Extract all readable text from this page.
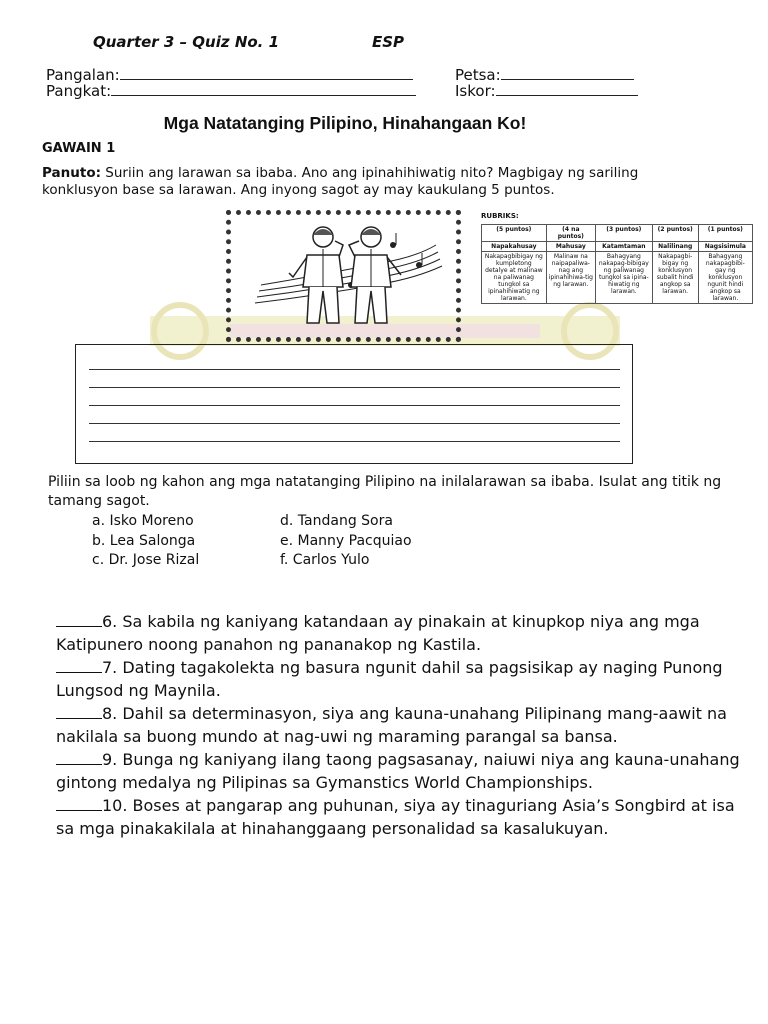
Quarter 3 – Quiz No. 1	ESP
Pangalan:
Pangkat:
Petsa:
Iskor:
Mga Natatanging Pilipino, Hinahangaan Ko!
GAWAIN 1
Panuto: Suriin ang larawan sa ibaba. Ano ang ipinahihiwatig nito? Magbigay ng sariling konklusyon base sa larawan. Ang inyong sagot ay may kaukulang 5 puntos.
RUBRIKS:
(5 puntos)	(4 na puntos)	(3 puntos)	(2 puntos)	(1 puntos)
Napakahusay	Mahusay	Katamtaman	Nalilinang	Nagsisimula
Nakapagbibigay ng kumpletong detalye at malinaw na paliwanag tungkol sa ipinahihiwatig ng larawan.	Malinaw na naipapaliwa-nag ang ipinahihiwa-tig ng larawan.	Bahagyang nakapag-bibigay ng paliwanag tungkol sa ipina-hiwatig ng larawan.	Nakapagbi-bigay ng konklusyon subalit hindi angkop sa larawan.	Bahagyang nakapagbibi-gay ng konklusyon ngunit hindi angkop sa larawan.
Piliin sa loob ng kahon ang mga natatanging Pilipino na inilalarawan sa ibaba. Isulat ang titik ng tamang sagot.
a. Isko Moreno
b. Lea Salonga
c. Dr. Jose Rizal
d. Tandang Sora
e. Manny Pacquiao
f. Carlos Yulo

6. Sa kabila ng kaniyang katandaan ay pinakain at kinupkop niya ang mga Katipunero noong panahon ng pananakop ng Kastila.

7. Dating tagakolekta ng basura ngunit dahil sa pagsisikap ay naging Punong Lungsod ng Maynila.

8. Dahil sa determinasyon, siya ang kauna-unahang Pilipinang mang-aawit na nakilala sa buong mundo at nag-uwi ng maraming parangal sa bansa.

9. Bunga ng kaniyang ilang taong pagsasanay, naiuwi niya ang kauna-unahang gintong medalya ng Pilipinas sa Gymanstics World Championships.

10. Boses at pangarap ang puhunan, siya ay tinaguriang Asia’s Songbird at isa sa mga pinakakilala at hinahanggaang personalidad sa kasalukuyan.
